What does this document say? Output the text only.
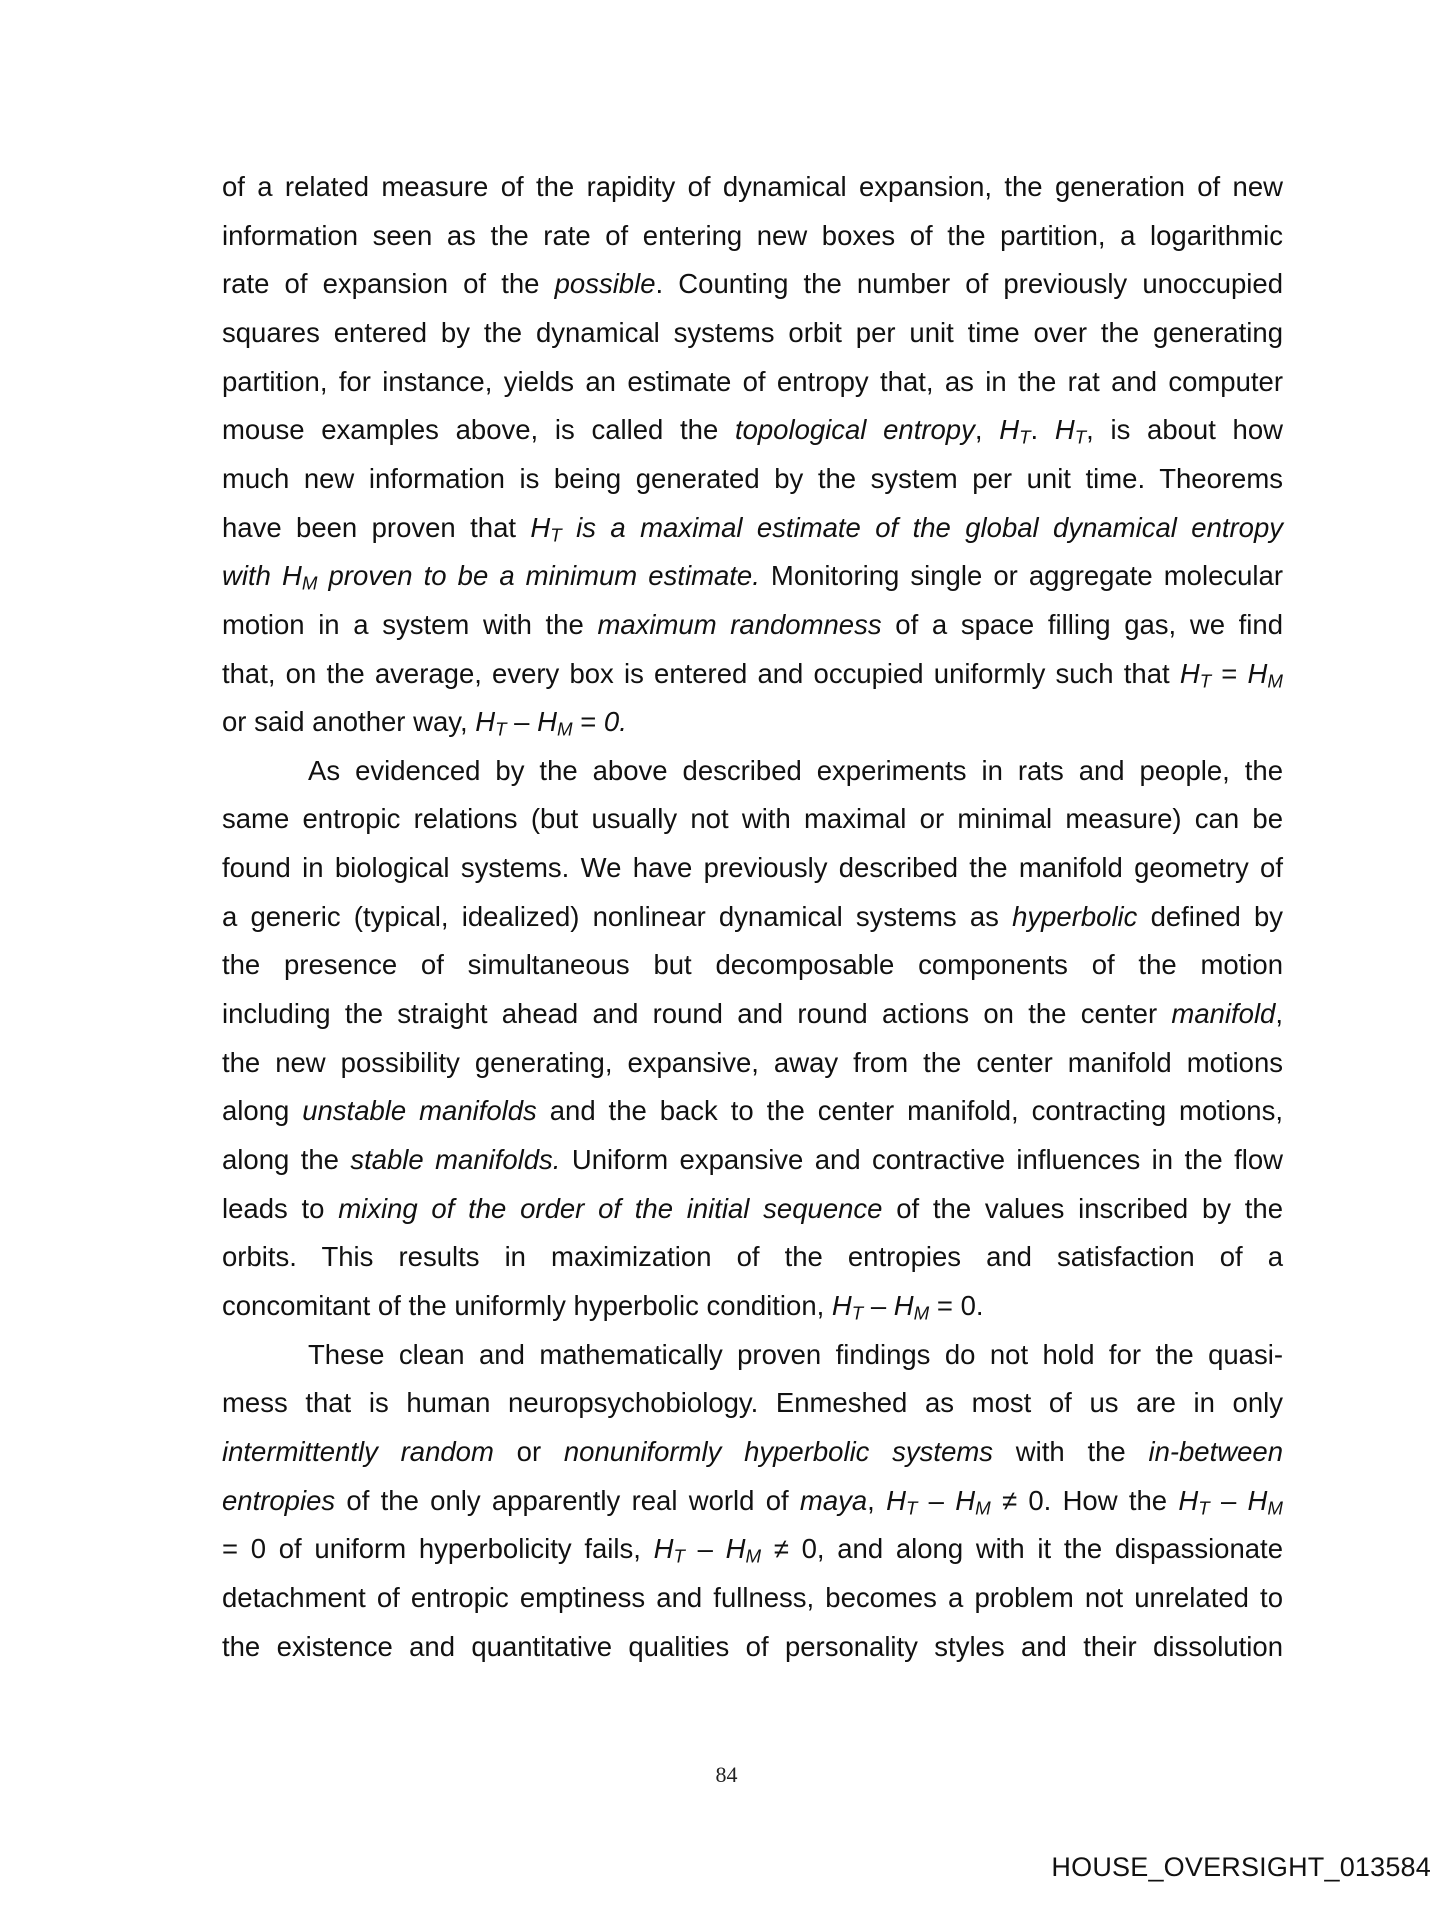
of a related measure of the rapidity of dynamical expansion, the generation of new
information seen as the rate of entering new boxes of the partition, a logarithmic
rate of expansion of the possible. Counting the number of previously unoccupied
squares entered by the dynamical systems orbit per unit time over the generating
partition, for instance, yields an estimate of entropy that, as in the rat and computer
mouse examples above, is called the topological entropy, $H_T$. $H_T$, is about how
much new information is being generated by the system per unit time. Theorems
have been proven that $H_T$ is a maximal estimate of the global dynamical entropy
with $H_M$ proven to be a minimum estimate. Monitoring single or aggregate molecular
motion in a system with the maximum randomness of a space filling gas, we find
that, on the average, every box is entered and occupied uniformly such that $H_T = H_M$
or said another way, $H_T - H_M = 0$.
As evidenced by the above described experiments in rats and people, the
same entropic relations (but usually not with maximal or minimal measure) can be
found in biological systems. We have previously described the manifold geometry of
a generic (typical, idealized) nonlinear dynamical systems as hyperbolic defined by
the presence of simultaneous but decomposable components of the motion
including the straight ahead and round and round actions on the center manifold,
the new possibility generating, expansive, away from the center manifold motions
along unstable manifolds and the back to the center manifold, contracting motions,
along the stable manifolds. Uniform expansive and contractive influences in the flow
leads to mixing of the order of the initial sequence of the values inscribed by the
orbits. This results in maximization of the entropies and satisfaction of a
concomitant of the uniformly hyperbolic condition, $H_T - H_M = 0$.
These clean and mathematically proven findings do not hold for the quasi-
mess that is human neuropsychobiology. Enmeshed as most of us are in only
intermittently random or nonuniformly hyperbolic systems with the in-between
entropies of the only apparently real world of maya, $H_T - H_M \ne 0$. How the $H_T - H_M$
= 0 of uniform hyperbolicity fails, $H_T - H_M \ne 0$, and along with it the dispassionate
detachment of entropic emptiness and fullness, becomes a problem not unrelated to
the existence and quantitative qualities of personality styles and their dissolution
84
HOUSE_OVERSIGHT_013584
